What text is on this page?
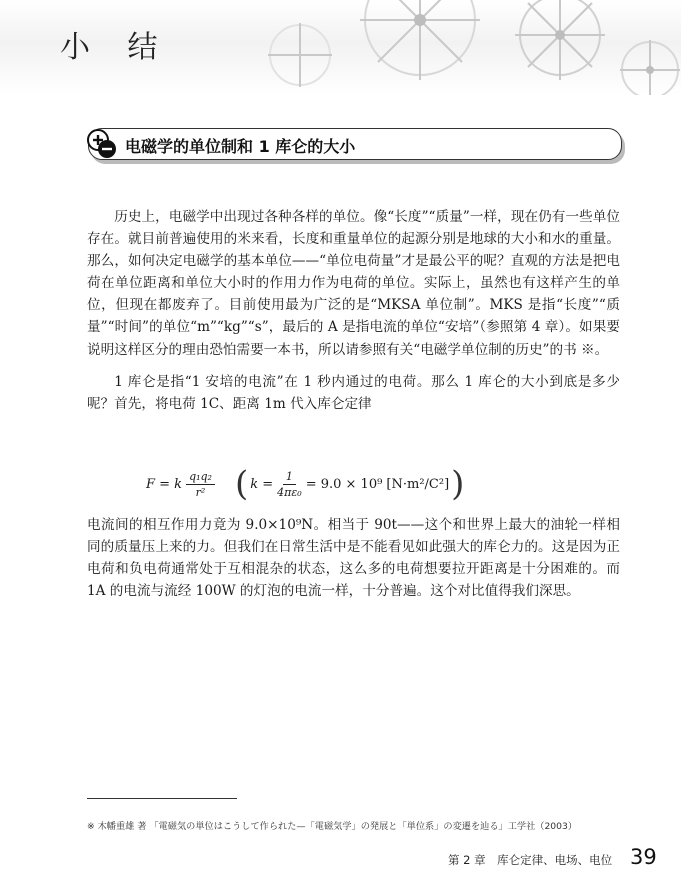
小 结
电磁学的单位制和 1 库仑的大小

历史上，电磁学中出现过各种各样的单位。像“长度”“质量”一样，现在仍有一些单位存在。就目前普遍使用的米来看，长度和重量单位的起源分别是地球的大小和水的重量。那么，如何决定电磁学的基本单位——“单位电荷量”才是最公平的呢？直观的方法是把电荷在单位距离和单位大小时的作用力作为电荷的单位。实际上，虽然也有这样产生的单位，但现在都废弃了。目前使用最为广泛的是“MKSA 单位制”。MKS 是指“长度”“质量”“时间”的单位“m”“kg”“s”，最后的 A 是指电流的单位“安培”（参照第 4 章）。如果要说明这样区分的理由恐怕需要一本书，所以请参照有关“电磁学单位制的历史”的书 ※。

1 库仑是指“1 安培的电流”在 1 秒内通过的电荷。那么 1 库仑的大小到底是多少呢？首先，将电荷 1C、距离 1m 代入库仑定律

F = k $\frac{\text{q₁q₂}}{\text{r²}}$ ( $k = \frac{1}{\text{4πε₀}} = 9.0 \times 10^9$ [N·m²/C²] )

电流间的相互作用力竟为 9.0×10⁹N。相当于 90t——这个和世界上最大的油轮一样相同的质量压上来的力。但我们在日常生活中是不能看见如此强大的库仑力的。这是因为正电荷和负电荷通常处于互相混杂的状态，这么多的电荷想要拉开距离是十分困难的。而 1A 的电流与流经 100W 的灯泡的电流一样，十分普遍。这个对比值得我们深思。

※ 木幡重雄 著 「電磁気の単位はこうして作られた—「電磁気学」の発展と「単位系」の変遷を辿る」工学社（2003）
第 2 章　库仑定律、电场、电位 39
